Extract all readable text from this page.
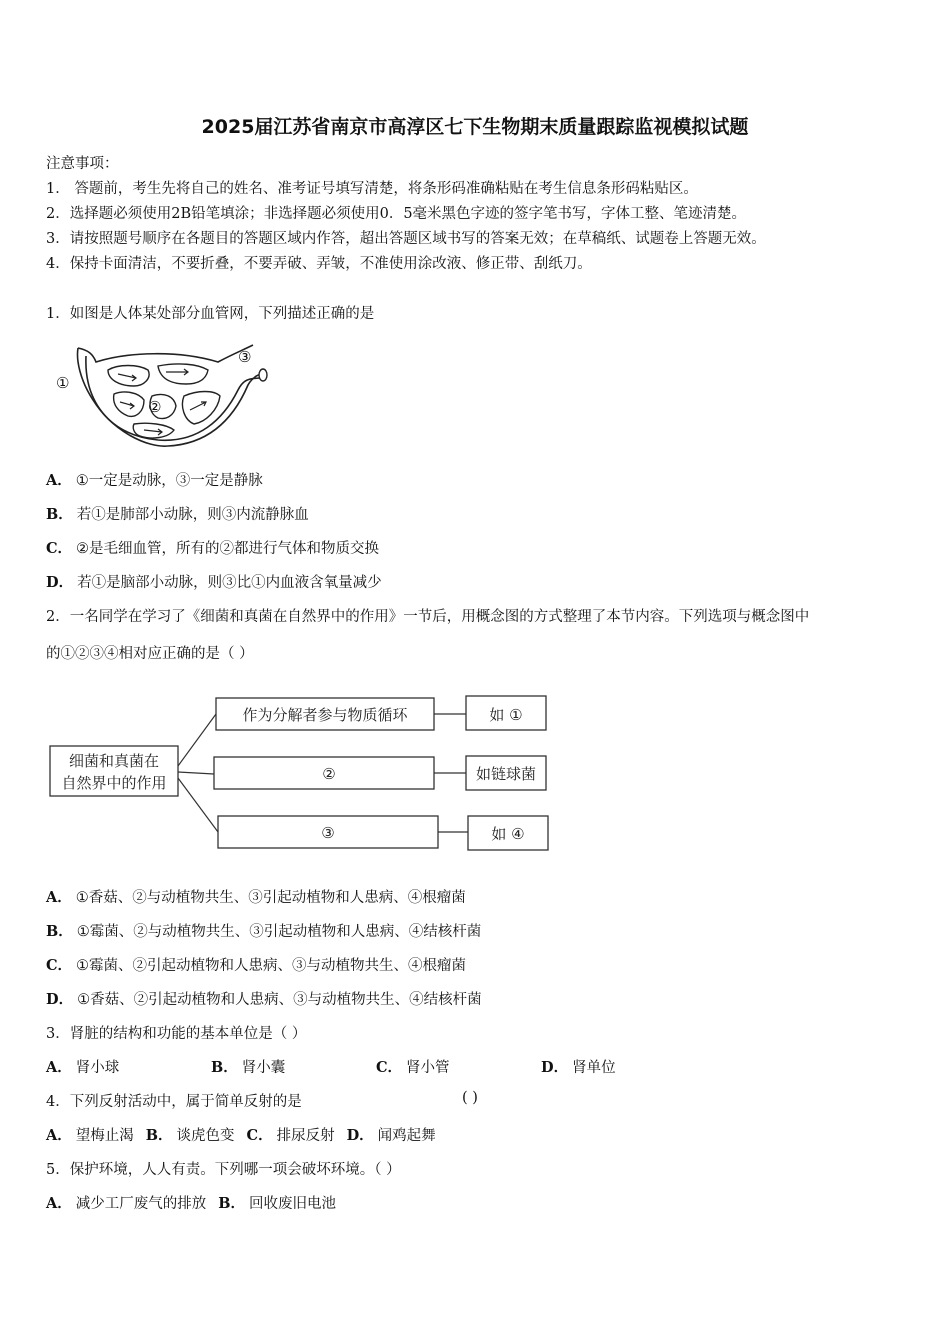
2025届江苏省南京市高淳区七下生物期末质量跟踪监视模拟试题
注意事项：
1． 答题前，考生先将自己的姓名、准考证号填写清楚，将条形码准确粘贴在考生信息条形码粘贴区。
2．选择题必须使用2B铅笔填涂；非选择题必须使用0．5毫米黑色字迹的签字笔书写，字体工整、笔迹清楚。
3．请按照题号顺序在各题目的答题区域内作答，超出答题区域书写的答案无效；在草稿纸、试题卷上答题无效。
4．保持卡面清洁，不要折叠，不要弄破、弄皱，不准使用涂改液、修正带、刮纸刀。
1．如图是人体某处部分血管网，下列描述正确的是
①
②
③
A． ①一定是动脉，③一定是静脉
B． 若①是肺部小动脉，则③内流静脉血
C． ②是毛细血管，所有的②都进行气体和物质交换
D． 若①是脑部小动脉，则③比①内血液含氧量减少
2．一名同学在学习了《细菌和真菌在自然界中的作用》一节后，用概念图的方式整理了本节内容。下列选项与概念图中
的①②③④相对应正确的是（ ）
细菌和真菌在
自然界中的作用
作为分解者参与物质循环
②
③
如 ①
如链球菌
如 ④
A． ①香菇、②与动植物共生、③引起动植物和人患病、④根瘤菌
B． ①霉菌、②与动植物共生、③引起动植物和人患病、④结核杆菌
C． ①霉菌、②引起动植物和人患病、③与动植物共生、④根瘤菌
D． ①香菇、②引起动植物和人患病、③与动植物共生、④结核杆菌
3．肾脏的结构和功能的基本单位是（ ）
A． 肾小球	B． 肾小囊	C． 肾小管	D． 肾单位
4．下列反射活动中，属于简单反射的是	( )
A． 望梅止渴 B． 谈虎色变 C． 排尿反射 D． 闻鸡起舞
5．保护环境，人人有责。下列哪一项会破坏环境。（ ）
A． 减少工厂废气的排放 B． 回收废旧电池
